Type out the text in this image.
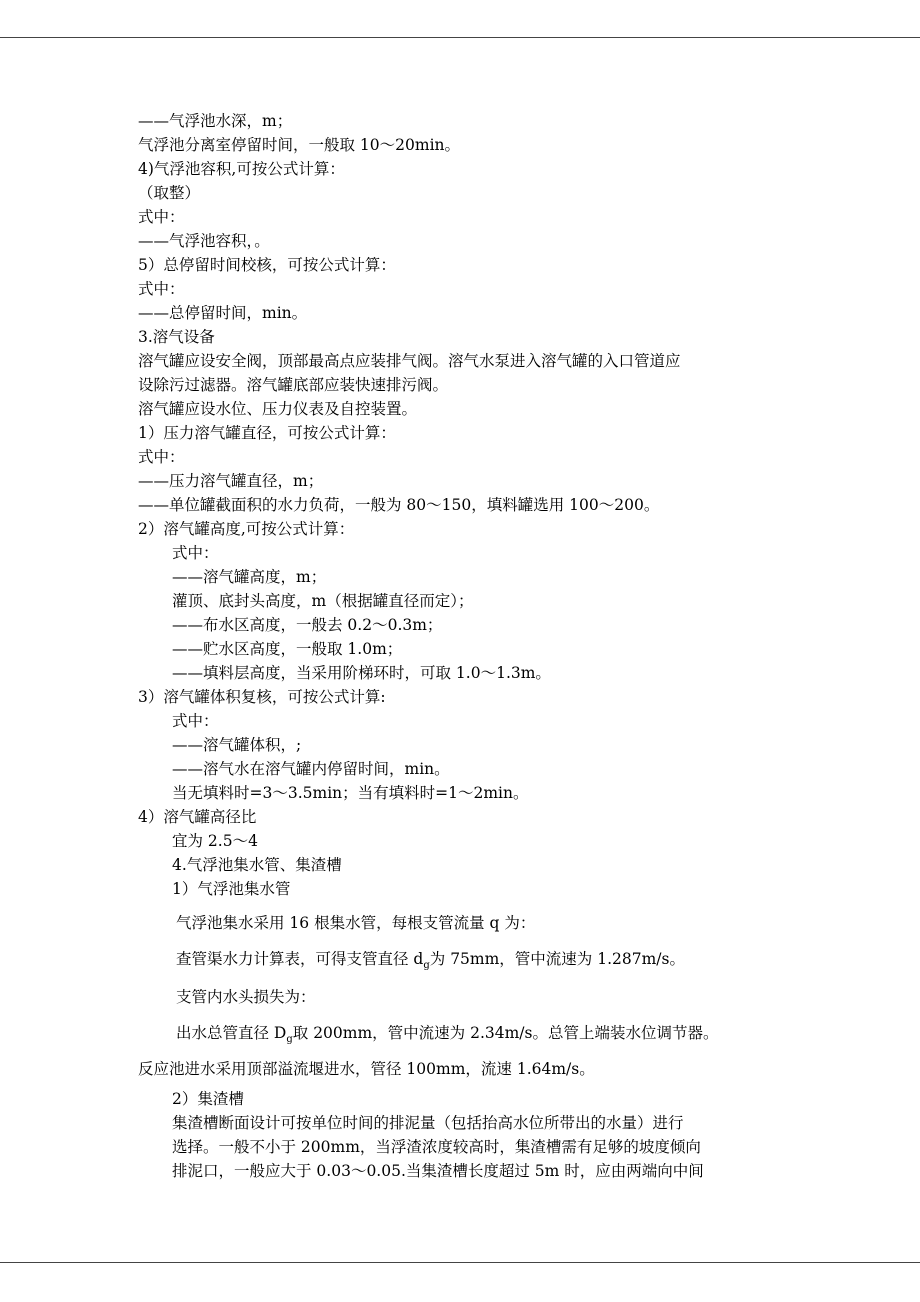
——气浮池水深，m；
气浮池分离室停留时间，一般取 10～20min。
4)气浮池容积,可按公式计算：
（取整）
式中：
——气浮池容积，。
5）总停留时间校核，可按公式计算：
式中：
——总停留时间，min。
3.溶气设备
溶气罐应设安全阀，顶部最高点应装排气阀。溶气水泵进入溶气罐的入口管道应
设除污过滤器。溶气罐底部应装快速排污阀。
溶气罐应设水位、压力仪表及自控装置。
1）压力溶气罐直径，可按公式计算：
式中：
——压力溶气罐直径，m；
——单位罐截面积的水力负荷，一般为 80～150，填料罐选用 100～200。
2）溶气罐高度,可按公式计算：
式中：
——溶气罐高度，m；
灌顶、底封头高度，m（根据罐直径而定）；
——布水区高度，一般去 0.2～0.3m；
——贮水区高度，一般取 1.0m；
——填料层高度，当采用阶梯环时，可取 1.0～1.3m。
3）溶气罐体积复核，可按公式计算:
式中：
——溶气罐体积，;
——溶气水在溶气罐内停留时间，min。
当无填料时=3～3.5min；当有填料时=1～2min。
4）溶气罐高径比
宜为 2.5～4
4.气浮池集水管、集渣槽
1）气浮池集水管
气浮池集水采用 16 根集水管，每根支管流量 q 为：
查管渠水力计算表，可得支管直径 $d_g$为 75mm，管中流速为 1.287m/s。
支管内水头损失为：
出水总管直径 $D_g$取 200mm，管中流速为 2.34m/s。总管上端装水位调节器。
反应池进水采用顶部溢流堰进水，管径 100mm，流速 1.64m/s。
2）集渣槽
集渣槽断面设计可按单位时间的排泥量（包括抬高水位所带出的水量）进行
选择。一般不小于 200mm，当浮渣浓度较高时，集渣槽需有足够的坡度倾向
排泥口，一般应大于 0.03～0.05.当集渣槽长度超过 5m 时，应由两端向中间
